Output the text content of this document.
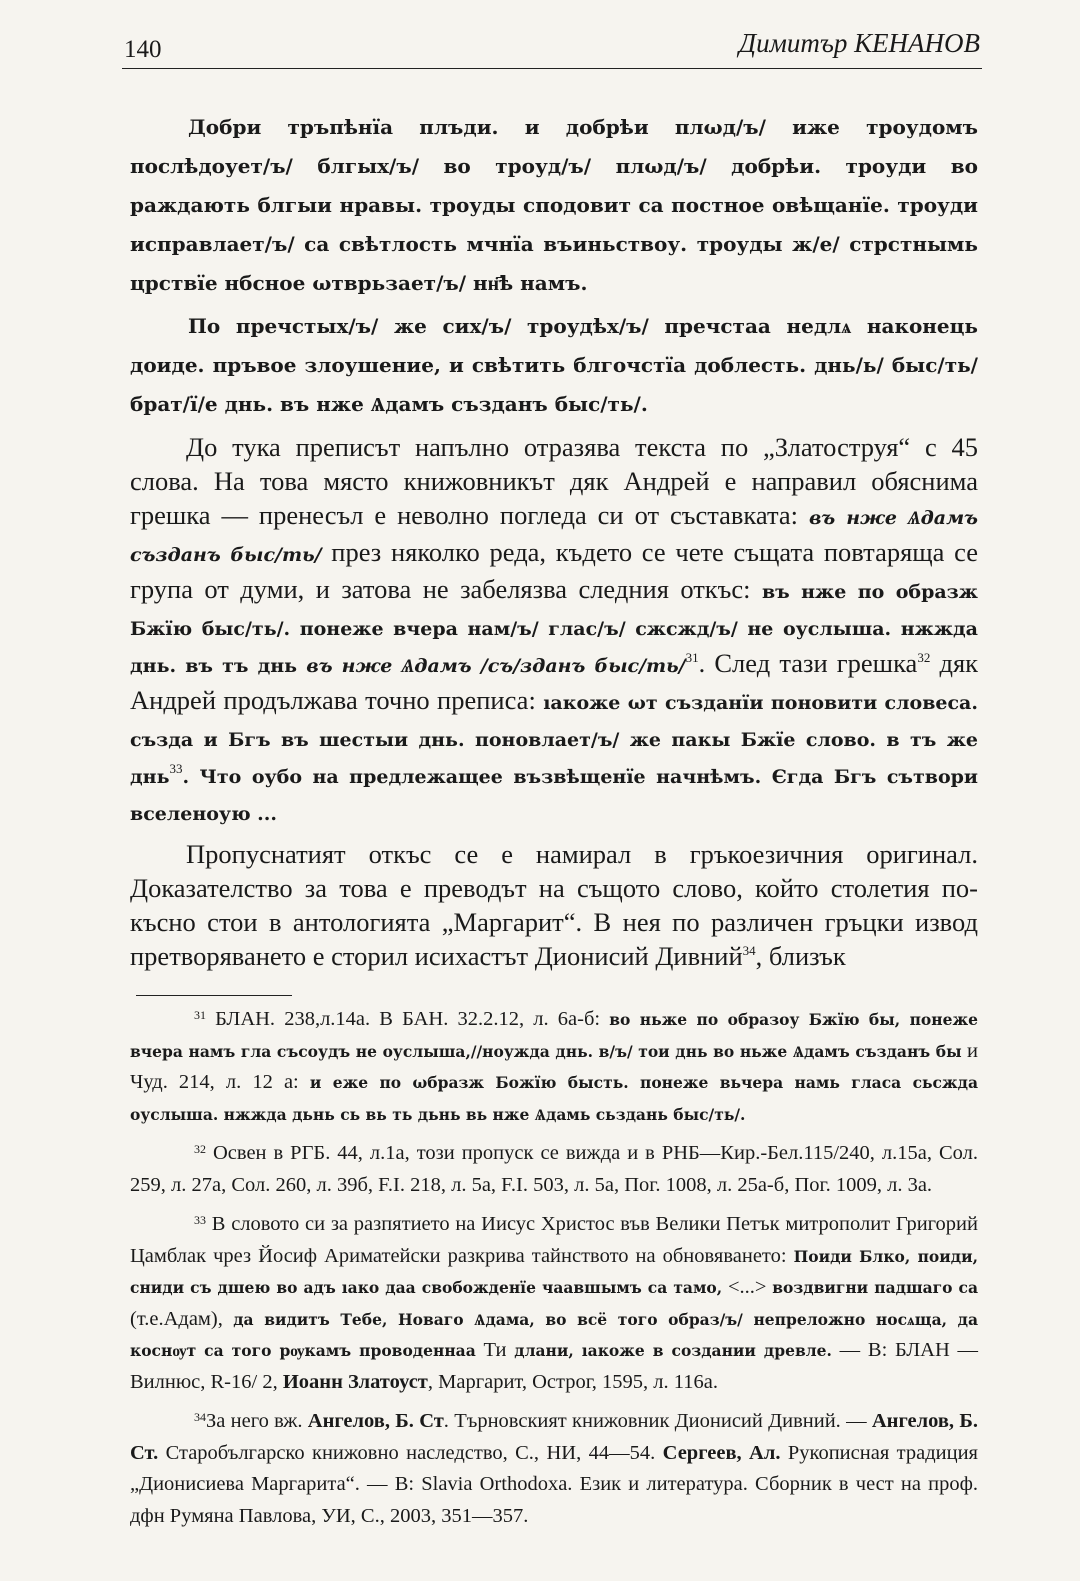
140	Димитър КЕНАНОВ

Добри тръпѣнїа плъди. и добрѣи плωд/ъ/ иже троудомъ послѣдоует/ъ/ блгых/ъ/ во троуд/ъ/ плωд/ъ/ добрѣи. троуди во раждають блгыи нравы. троуды сподовит са постное овѣщанїе. троуди исправлает/ъ/ са свѣтлость мчнїа въиньствоу. троуды ж/е/ стрстнымь црствїе нбсное ωтврьзает/ъ/ нн҃ѣ намъ.

По пречстых/ъ/ же сих/ъ/ троудѣх/ъ/ пречстаа недлѧ наконець доиде. пръвое злоушение, и свѣтить блгочстїа доблесть. днь/ь/ быс/ть/ брат/ї/е днь. въ нже Ѧдамъ създанъ быс/ть/.

До тука преписът напълно отразява текста по „Златоструя“ с 45 слова. На това място книжовникът дяк Андрей е направил обяснима грешка — пренесъл е неволно погледа си от съставката: въ нже Ѧдамъ създанъ быс/ть/ през няколко реда, където се чете същата повтаряща се група от думи, и затова не забелязва следния откъс: въ нже по образж Бжїю быс/ть/. понеже вчера нам/ъ/ глас/ъ/ сжсжд/ъ/ не оуслыша. нжжда днь. въ тъ днь въ нже Ѧдамъ /съ/зданъ быс/ть/$^{31}$. След тази грешка$^{32}$ дяк Андрей продължава точно преписа: ıакоже ωт създанїи поновити словеса. създа и Бгъ въ шестыи днь. поновлает/ъ/ же пакы Бжїе слово. в тъ же днь$^{33}$. Что оубо на предлежащее възвѣщенїе начнѣмъ. Єгда Бгъ сътвори вселеноую ...

Пропуснатият откъс се е намирал в гръкоезичния оригинал. Доказателство за това е преводът на същото слово, който столетия по-късно стои в антологията „Маргарит“. В нея по различен гръцки извод претворяването е сторил исихастът Дионисий Дивний$^{34}$, близък

$^{31}$ БЛАН. 238,л.14а. В БАН. 32.2.12, л. 6а-б: во ньже по образоу Бжїю бы, понеже вчера намъ гла съсоудъ не оуслыша,//ноужда днь. в/ъ/ тои днь во ньже Ѧдамъ създанъ бы и Чуд. 214, л. 12 а: и еже по ωбразж Божїю бысть. понеже вьчера намь гласа сьсжда оуслыша. нжжда дьнь сь вь ть дьнь вь нже Ѧдамь сьздань быс/ть/.

$^{32}$ Освен в РГБ. 44, л.1а, този пропуск се вижда и в РНБ—Кир.-Бел.115/240, л.15а, Сол. 259, л. 27а, Сол. 260, л. 39б, F.I. 218, л. 5а, F.I. 503, л. 5а, Пог. 1008, л. 25а-б, Пог. 1009, л. 3а.

$^{33}$ В словото си за разпятието на Иисус Христос във Велики Петък митрополит Григорий Цамблак чрез Йосиф Ариматейски разкрива тайнството на обновяването: Поиди Блко, поиди, сниди съ дшею во адъ ıако даа свобожденїе чаавшымъ са тамо, <...> воздвигни падшаго са (т.е.Адам), да видитъ Тебе, Новаго Ѧдама, во всё того образ/ъ/ непреложно носѧща, да коснѹт са того рѹкамъ проводеннаа Ти длани, ıакоже в создании древле. — В: БЛАН — Вилнюс, R-16/ 2, Иоанн Златоуст, Маргарит, Острог, 1595, л. 116а.

$^{34}$За него вж. Ангелов, Б. Ст. Търновският книжовник Дионисий Дивний. — Ангелов, Б. Ст. Старобългарско книжовно наследство, С., НИ, 44—54. Сергеев, Ал. Рукописная традиция „Дионисиева Маргарита“. — В: Slavia Orthodoxa. Език и литература. Сборник в чест на проф. дфн Румяна Павлова, УИ, С., 2003, 351—357.
